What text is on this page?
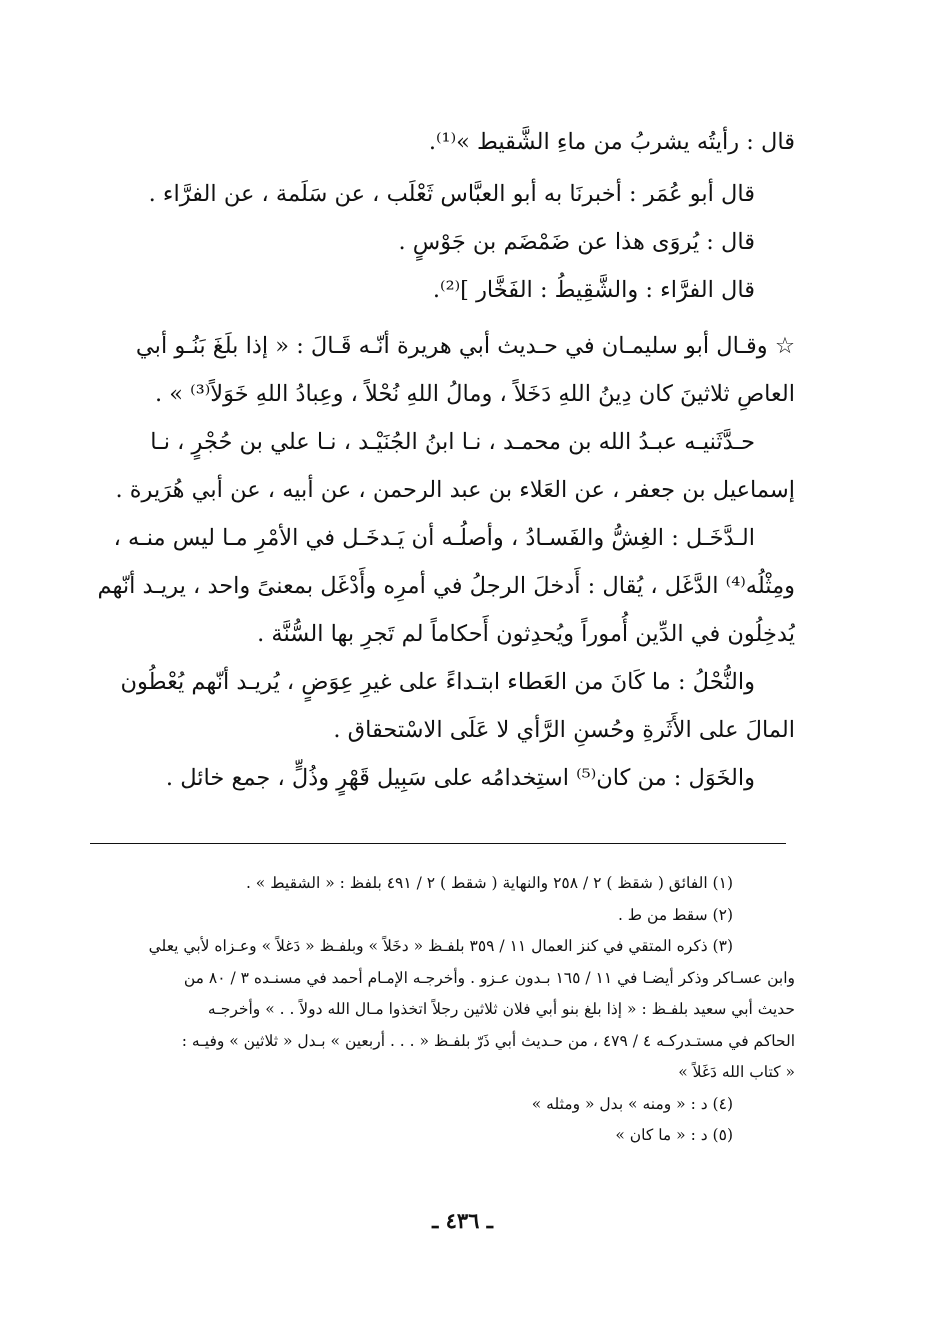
قال : رأيتُه يشربُ من ماءِ الشَّقيط »⁽¹⁾.
قال أبو عُمَر : أخبرنَا به أبو العبَّاس ثَعْلَب ، عن سَلَمة ، عن الفرَّاء .
قال : يُروَى هذا عن ضَمْضَم بن جَوْسٍ .
قال الفرَّاء : والشَّقِيطُ : الفَخَّار ]⁽²⁾.
☆ وقـال أبو سليمـان في حـديث أبي هريرة أنّـه قَـالَ : « إذا بلَغَ بَنُـو أبي
العاصِ ثلاثينَ كان دِينُ اللهِ دَخَلاً ، ومالُ اللهِ نُحْلاً ، وعِبادُ اللهِ خَوَلاً⁽³⁾ » .
حـدَّثَنيـه عبـدُ الله بن محمـد ، نـا ابنُ الجُنَيْـد ، نـا علي بن حُجْرٍ ، نـا
إسماعيل بن جعفر ، عن العَلاء بن عبد الرحمن ، عن أبيه ، عن أبي هُرَيرة .
الـدَّخَـل : الغِشُّ والفَسـادُ ، وأصلُـه أن يَـدخَـل في الأمْرِ مـا ليس منـه ،
ومِثْلُه⁽⁴⁾ الدَّغَل ، يُقال : أَدخلَ الرجلُ في أمرِه وأَدْغَل بمعنىً واحد ، يريـد أنّهم
يُدخِلُون في الدِّين أُموراً ويُحدِثون أَحكاماً لم تَجرِ بها السُّنَّة .
والنُّحْلُ : ما كَانَ من العَطاء ابتـداءً على غيرِ عِوَضٍ ، يُريـد أنّهم يُعْطُون
المالَ على الأَثَرةِ وحُسنِ الرَّأي لا عَلَى الاسْتحقاق .
والخَوَل : من كان⁽⁵⁾ استِخدامُه على سَبِيل قَهْرٍ وذُلٍّ ، جمع خائل .
(١) الفائق ( شقظ ) ٢ / ٢٥٨ والنهاية ( شقط ) ٢ / ٤٩١ بلفظ : « الشقيط » .
(٢) سقط من ط .
(٣) ذكره المتقي في كنز العمال ١١ / ٣٥٩ بلفـظ « دخَلاً » وبلفـظ « دَغلاً » وعـزاه لأبي يعلي
وابن عسـاكر وذكر أيضـا في ١١ / ١٦٥ بـدون عـزو . وأخرجـه الإمـام أحمد في مسنـده ٣ / ٨٠ من
حديث أبي سعيد بلفـظ : « إذا بلغ بنو أبي فلان ثلاثين رجلاً اتخذوا مـال الله دولاً . . » وأخرجـه
الحاكم في مستـدركـه ٤ / ٤٧٩ ، من حـديث أبي ذَرّ بلفـظ « . . . أربعين » بـدل « ثلاثين » وفيـه :
« كتاب الله دَغَلاً »
(٤) د : « ومنه » بدل « ومثله »
(٥) د : « ما كان »
ـ ٤٣٦ ـ
